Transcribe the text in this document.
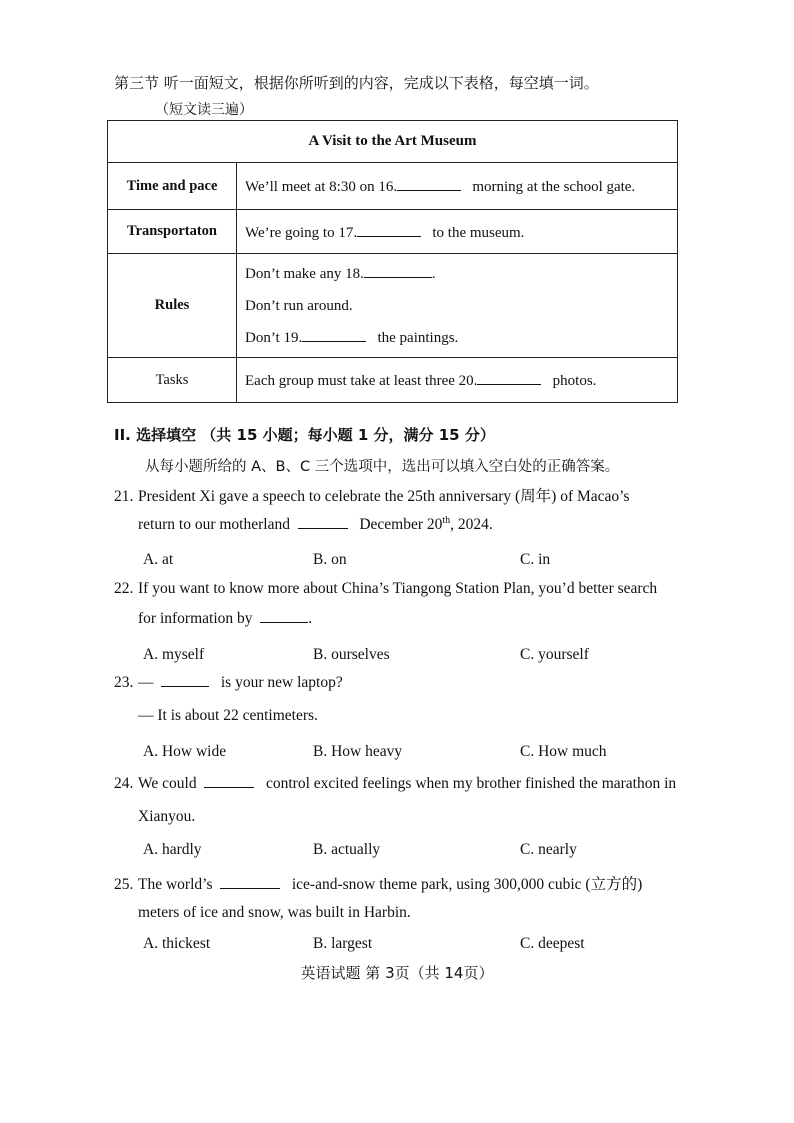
第三节 听一面短文，根据你所听到的内容，完成以下表格，每空填一词。
（短文读三遍）
A Visit to the Art Museum	
Time and pace	We’ll meet at 8:30 on 16. morning at the school gate.
Transportaton	We’re going to 17. to the museum.
Rules	Don’t make any 18. .
Don’t run around.
Don’t 19. the paintings.

Tasks	Each group must take at least three 20. photos.
II. 选择填空 （共 15 小题；每小题 1 分，满分 15 分）
从每小题所给的 A、B、C 三个选项中，选出可以填入空白处的正确答案。
21. President Xi gave a speech to celebrate the 25th anniversary (周年) of Macao’s
return to our motherland	December 20th, 2024.
A. at	B. on	C. in
22. If you want to know more about China’s Tiangong Station Plan, you’d better search
for information by	.
A. myself	B. ourselves	C. yourself
23. —	is your new laptop?
— It is about 22 centimeters.
A. How wide	B. How heavy	C. How much
24. We could	control excited feelings when my brother finished the marathon in
Xianyou.
A. hardly	B. actually	C. nearly
25. The world’s	ice-and-snow theme park, using 300,000 cubic (立方的)
meters of ice and snow, was built in Harbin.
A. thickest	B. largest	C. deepest
英语试题 第 3页（共 14页）
